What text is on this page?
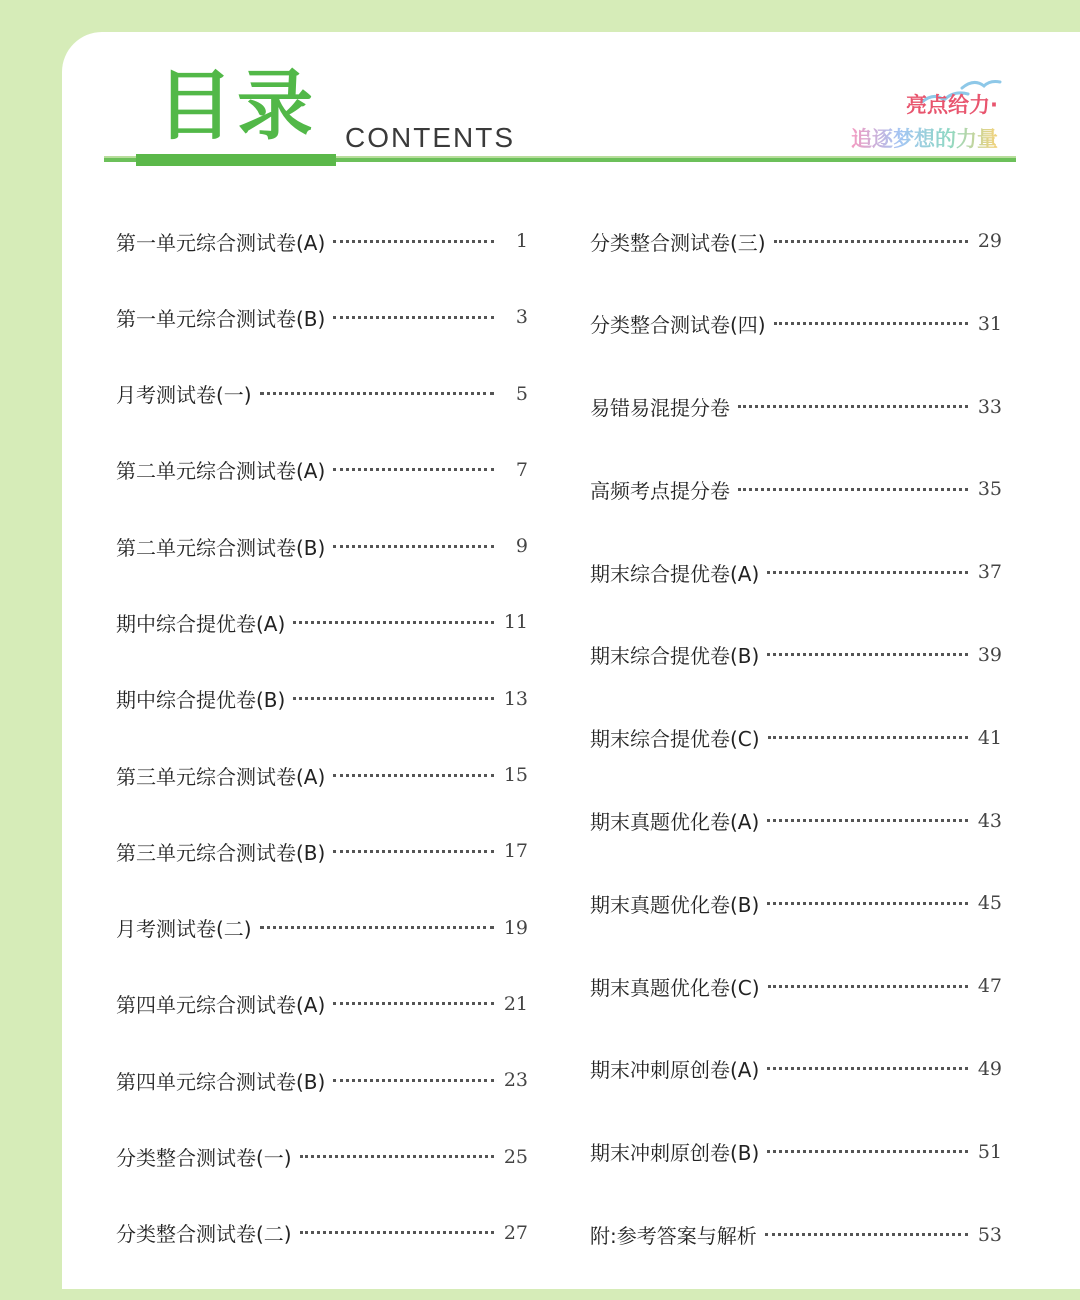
目录 CONTENTS
亮点给力·
追逐梦想的力量
第一单元综合测试卷(A)	1
第一单元综合测试卷(B)	3
月考测试卷(一)	5
第二单元综合测试卷(A)	7
第二单元综合测试卷(B)	9
期中综合提优卷(A)	11
期中综合提优卷(B)	13
第三单元综合测试卷(A)	15
第三单元综合测试卷(B)	17
月考测试卷(二)	19
第四单元综合测试卷(A)	21
第四单元综合测试卷(B)	23
分类整合测试卷(一)	25
分类整合测试卷(二)	27
分类整合测试卷(三)	29
分类整合测试卷(四)	31
易错易混提分卷	33
高频考点提分卷	35
期末综合提优卷(A)	37
期末综合提优卷(B)	39
期末综合提优卷(C)	41
期末真题优化卷(A)	43
期末真题优化卷(B)	45
期末真题优化卷(C)	47
期末冲刺原创卷(A)	49
期末冲刺原创卷(B)	51
附:参考答案与解析	53
